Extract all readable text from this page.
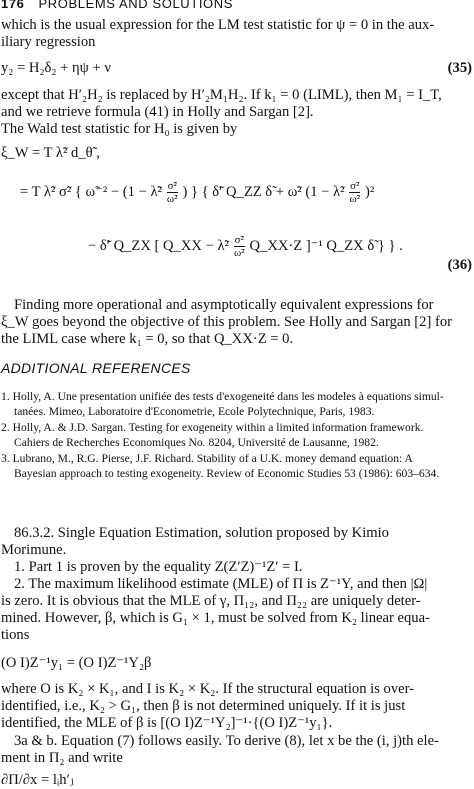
176 PROBLEMS AND SOLUTIONS
which is the usual expression for the LM test statistic for ψ = 0 in the aux-
iliary regression
y₂ = H₂δ₂ + ηψ + ν	(35)
except that H′₂H₂ is replaced by H′₂M₁H₂. If k₁ = 0 (LIML), then M₁ = I_T,
and we retrieve formula (41) in Holly and Sargan [2].
The Wald test statistic for H₀ is given by
ξ_W = T λ̃² d_θ̃ ,
= T λ̃² σ̃² { ω̃⁻² − (1 − λ̃² $\frac{\text{σ̃²}}{\text{ω̃²}}$ ) } { δ̃′ Q_ZZ δ̃ + ω̃² (1 − λ̃² $\frac{\text{σ̃²}}{\text{ω̃²}} )^2$
− δ̃′ Q_ZX [ Q_XX − λ̃² $\frac{\text{σ̃²}}{\text{ω̃²}}$ Q_XX·Z ]⁻¹ Q_ZX δ̃ } } .
(36)
Finding more operational and asymptotically equivalent expressions for
ξ_W goes beyond the objective of this problem. See Holly and Sargan [2] for
the LIML case where k₁ = 0, so that Q_XX·Z = 0.
ADDITIONAL REFERENCES
1. Holly, A. Une presentation unifiée des tests d'exogeneité dans les modeles à equations simul-
tanées. Mimeo, Laboratoire d'Econometrie, Ecole Polytechnique, Paris, 1983.
2. Holly, A. & J.D. Sargan. Testing for exogeneity within a limited information framework.
Cahiers de Recherches Economiques No. 8204, Université de Lausanne, 1982.
3. Lubrano, M., R.G. Pierse, J.F. Richard. Stability of a U.K. money demand equation: A
Bayesian approach to testing exogeneity. Review of Economic Studies 53 (1986): 603–634.
86.3.2. Single Equation Estimation, solution proposed by Kimio
Morimune.
1. Part 1 is proven by the equality Z(Z′Z)⁻¹Z′ = I.
2. The maximum likelihood estimate (MLE) of Π is Z⁻¹Y, and then |Ω|
is zero. It is obvious that the MLE of γ, Π₁₂, and Π₂₂ are uniquely deter-
mined. However, β, which is G₁ × 1, must be solved from K₂ linear equa-
tions
(O I)Z⁻¹y₁ = (O I)Z⁻¹Y₂β
where O is K₂ × K₁, and I is K₂ × K₂. If the structural equation is over-
identified, i.e., K₂ > G₁, then β is not determined uniquely. If it is just
identified, the MLE of β is [(O I)Z⁻¹Y₂]⁻¹·{(O I)Z⁻¹y₁}.
3a & b. Equation (7) follows easily. To derive (8), let x be the (i, j)th ele-
ment in Π₂ and write
∂Π/∂x = lᵢh′ⱼ
